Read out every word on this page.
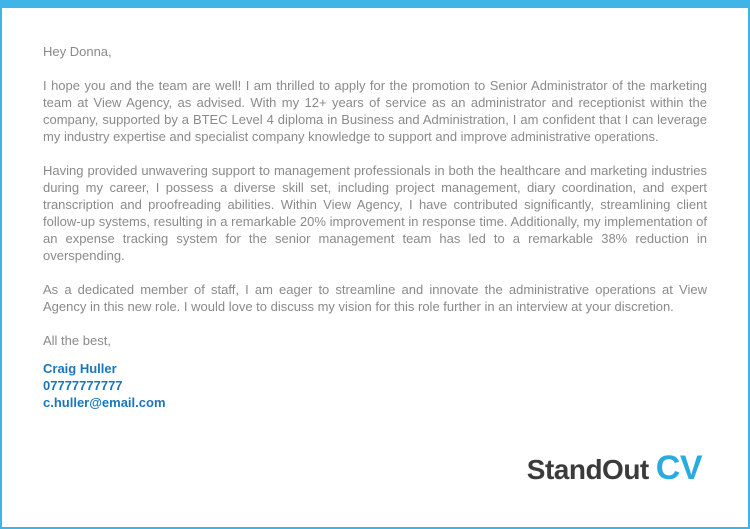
Hey Donna,

I hope you and the team are well! I am thrilled to apply for the promotion to Senior Administrator of the marketing team at View Agency, as advised. With my 12+ years of service as an administrator and receptionist within the company, supported by a BTEC Level 4 diploma in Business and Administration, I am confident that I can leverage my industry expertise and specialist company knowledge to support and improve administrative operations.

Having provided unwavering support to management professionals in both the healthcare and marketing industries during my career, I possess a diverse skill set, including project management, diary coordination, and expert transcription and proofreading abilities. Within View Agency, I have contributed significantly, streamlining client follow-up systems, resulting in a remarkable 20% improvement in response time. Additionally, my implementation of an expense tracking system for the senior management team has led to a remarkable 38% reduction in overspending.

As a dedicated member of staff, I am eager to streamline and innovate the administrative operations at View Agency in this new role. I would love to discuss my vision for this role further in an interview at your discretion.

All the best,

Craig Huller
07777777777
c.huller@email.com
StandOut CV
